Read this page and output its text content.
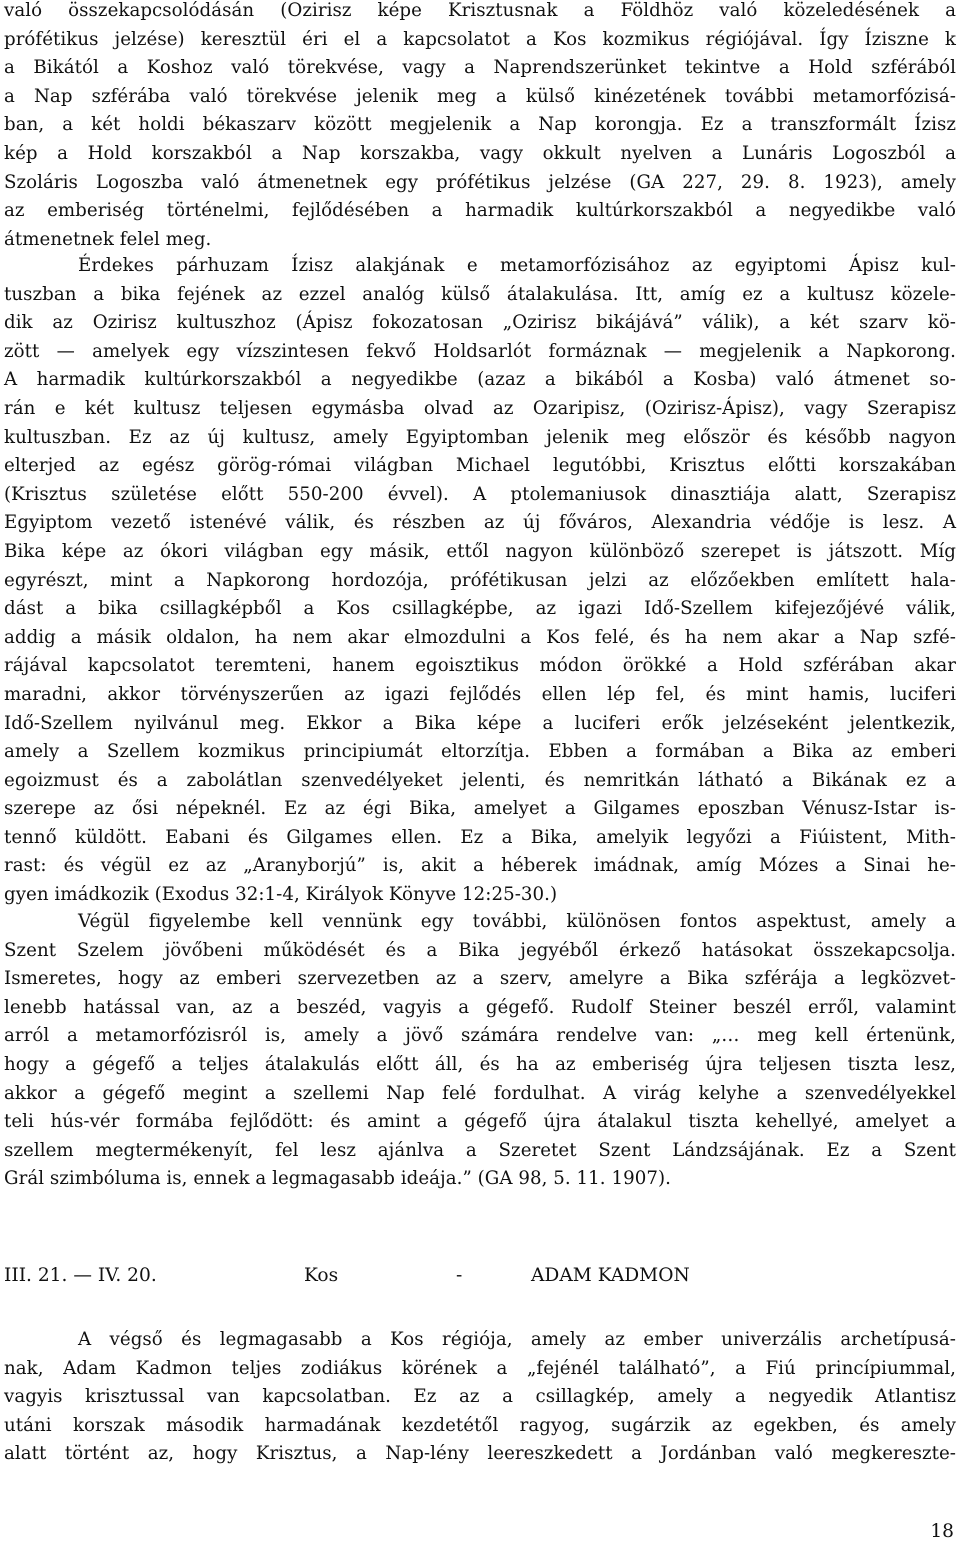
való összekapcsolódásán (Ozirisz képe Krisztusnak a Földhöz való közeledésének a
prófétikus jelzése) keresztül éri el a kapcsolatot a Kos kozmikus régiójával. Így Íziszne k
a Bikától a Koshoz való törekvése, vagy a Naprendszerünket tekintve a Hold szférából
a Nap szférába való törekvése jelenik meg a külső kinézetének további metamorfózisá-
ban, a két holdi békaszarv között megjelenik a Nap korongja. Ez a transzformált Ízisz
kép a Hold korszakból a Nap korszakba, vagy okkult nyelven a Lunáris Logoszból a
Szoláris Logoszba való átmenetnek egy prófétikus jelzése (GA 227, 29. 8. 1923), amely
az emberiség történelmi, fejlődésében a harmadik kultúrkorszakból a negyedikbe való
átmenetnek felel meg.
Érdekes párhuzam Ízisz alakjának e metamorfózisához az egyiptomi Ápisz kul-
tuszban a bika fejének az ezzel analóg külső átalakulása. Itt, amíg ez a kultusz közele-
dik az Ozirisz kultuszhoz (Ápisz fokozatosan „Ozirisz bikájává” válik), a két szarv kö-
zött — amelyek egy vízszintesen fekvő Holdsarlót formáznak — megjelenik a Napkorong.
A harmadik kultúrkorszakból a negyedikbe (azaz a bikából a Kosba) való átmenet so-
rán e két kultusz teljesen egymásba olvad az Ozaripisz, (Ozirisz-Ápisz), vagy Szerapisz
kultuszban. Ez az új kultusz, amely Egyiptomban jelenik meg először és később nagyon
elterjed az egész görög-római világban Michael legutóbbi, Krisztus előtti korszakában
(Krisztus születése előtt 550-200 évvel). A ptolemaniusok dinasztiája alatt, Szerapisz
Egyiptom vezető istenévé válik, és részben az új főváros, Alexandria védője is lesz. A
Bika képe az ókori világban egy másik, ettől nagyon különböző szerepet is játszott. Míg
egyrészt, mint a Napkorong hordozója, prófétikusan jelzi az előzőekben említett hala-
dást a bika csillagképből a Kos csillagképbe, az igazi Idő-Szellem kifejezőjévé válik,
addig a másik oldalon, ha nem akar elmozdulni a Kos felé, és ha nem akar a Nap szfé-
rájával kapcsolatot teremteni, hanem egoisztikus módon örökké a Hold szférában akar
maradni, akkor törvényszerűen az igazi fejlődés ellen lép fel, és mint hamis, luciferi
Idő-Szellem nyilvánul meg. Ekkor a Bika képe a luciferi erők jelzéseként jelentkezik,
amely a Szellem kozmikus principiumát eltorzítja. Ebben a formában a Bika az emberi
egoizmust és a zabolátlan szenvedélyeket jelenti, és nemritkán látható a Bikának ez a
szerepe az ősi népeknél. Ez az égi Bika, amelyet a Gilgames eposzban Vénusz-Istar is-
tennő küldött. Eabani és Gilgames ellen. Ez a Bika, amelyik legyőzi a Fiúistent, Mith-
rast: és végül ez az „Aranyborjú” is, akit a héberek imádnak, amíg Mózes a Sinai he-
gyen imádkozik (Exodus 32:1-4, Királyok Könyve 12:25-30.)
Végül figyelembe kell vennünk egy további, különösen fontos aspektust, amely a
Szent Szelem jövőbeni működését és a Bika jegyéből érkező hatásokat összekapcsolja.
Ismeretes, hogy az emberi szervezetben az a szerv, amelyre a Bika szférája a legközvet-
lenebb hatással van, az a beszéd, vagyis a gégefő. Rudolf Steiner beszél erről, valamint
arról a metamorfózisról is, amely a jövő számára rendelve van: „… meg kell értenünk,
hogy a gégefő a teljes átalakulás előtt áll, és ha az emberiség újra teljesen tiszta lesz,
akkor a gégefő megint a szellemi Nap felé fordulhat. A virág kelyhe a szenvedélyekkel
teli hús-vér formába fejlődött: és amint a gégefő újra átalakul tiszta kehellyé, amelyet a
szellem megtermékenyít, fel lesz ajánlva a Szeretet Szent Lándzsájának. Ez a Szent
Grál szimbóluma is, ennek a legmagasabb ideája.” (GA 98, 5. 11. 1907).
III. 21. — IV. 20.	Kos	-	ADAM KADMON
A végső és legmagasabb a Kos régiója, amely az ember univerzális archetípusá-
nak, Adam Kadmon teljes zodiákus körének a „fejénél található”, a Fiú princípiummal,
vagyis krisztussal van kapcsolatban. Ez az a csillagkép, amely a negyedik Atlantisz
utáni korszak második harmadának kezdetétől ragyog, sugárzik az egekben, és amely
alatt történt az, hogy Krisztus, a Nap-lény leereszkedett a Jordánban való megkereszte-
18
